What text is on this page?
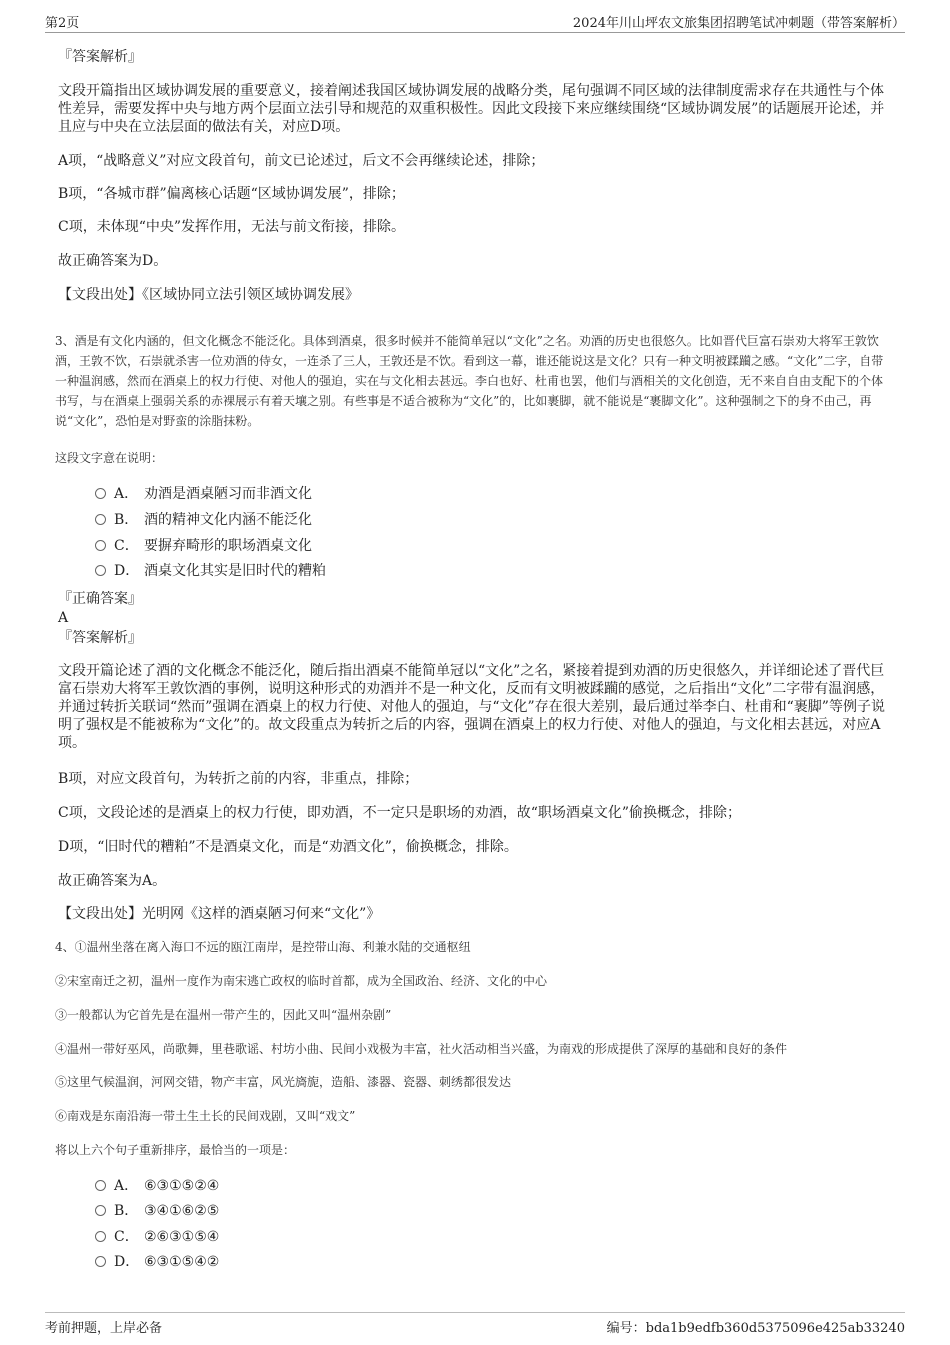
第2页	2024年川山坪农文旅集团招聘笔试冲刺题（带答案解析）

『答案解析』

文段开篇指出区域协调发展的重要意义，接着阐述我国区域协调发展的战略分类，尾句强调不同区域的法律制度需求存在共通性与个体性差异，需要发挥中央与地方两个层面立法引导和规范的双重积极性。因此文段接下来应继续围绕“区域协调发展”的话题展开论述，并且应与中央在立法层面的做法有关，对应D项。

A项，“战略意义”对应文段首句，前文已论述过，后文不会再继续论述，排除；

B项，“各城市群”偏离核心话题“区域协调发展”，排除；

C项，未体现“中央”发挥作用，无法与前文衔接，排除。

故正确答案为D。

【文段出处】《区域协同立法引领区域协调发展》

3、酒是有文化内涵的，但文化概念不能泛化。具体到酒桌，很多时候并不能简单冠以“文化”之名。劝酒的历史也很悠久。比如晋代巨富石崇劝大将军王敦饮酒，王敦不饮，石崇就杀害一位劝酒的侍女，一连杀了三人，王敦还是不饮。看到这一幕，谁还能说这是文化？只有一种文明被蹂躏之感。“文化”二字，自带一种温润感，然而在酒桌上的权力行使、对他人的强迫，实在与文化相去甚远。李白也好、杜甫也罢，他们与酒相关的文化创造，无不来自自由支配下的个体书写，与在酒桌上强弱关系的赤裸展示有着天壤之别。有些事是不适合被称为“文化”的，比如裹脚，就不能说是“裹脚文化”。这种强制之下的身不由己，再说“文化”，恐怕是对野蛮的涂脂抹粉。

这段文字意在说明：

A． 劝酒是酒桌陋习而非酒文化
B． 酒的精神文化内涵不能泛化
C． 要摒弃畸形的职场酒桌文化
D． 酒桌文化其实是旧时代的糟粕

『正确答案』

A

『答案解析』

文段开篇论述了酒的文化概念不能泛化，随后指出酒桌不能简单冠以“文化”之名，紧接着提到劝酒的历史很悠久，并详细论述了晋代巨富石崇劝大将军王敦饮酒的事例，说明这种形式的劝酒并不是一种文化，反而有文明被蹂躏的感觉，之后指出“文化”二字带有温润感，并通过转折关联词“然而”强调在酒桌上的权力行使、对他人的强迫，与“文化”存在很大差别，最后通过举李白、杜甫和“裹脚”等例子说明了强权是不能被称为“文化”的。故文段重点为转折之后的内容，强调在酒桌上的权力行使、对他人的强迫，与文化相去甚远，对应A项。

B项，对应文段首句，为转折之前的内容，非重点，排除；

C项，文段论述的是酒桌上的权力行使，即劝酒，不一定只是职场的劝酒，故“职场酒桌文化”偷换概念，排除；

D项，“旧时代的糟粕”不是酒桌文化，而是“劝酒文化”，偷换概念，排除。

故正确答案为A。

【文段出处】光明网《这样的酒桌陋习何来“文化”》

4、①温州坐落在离入海口不远的瓯江南岸，是控带山海、利兼水陆的交通枢纽

②宋室南迁之初，温州一度作为南宋逃亡政权的临时首都，成为全国政治、经济、文化的中心

③一般都认为它首先是在温州一带产生的，因此又叫“温州杂剧”

④温州一带好巫风，尚歌舞，里巷歌谣、村坊小曲、民间小戏极为丰富，社火活动相当兴盛，为南戏的形成提供了深厚的基础和良好的条件

⑤这里气候温润，河网交错，物产丰富，风光旖旎，造船、漆器、瓷器、刺绣都很发达

⑥南戏是东南沿海一带土生土长的民间戏剧，又叫“戏文”

将以上六个句子重新排序，最恰当的一项是：

A． ⑥③①⑤②④
B． ③④①⑥②⑤
C． ②⑥③①⑤④
D． ⑥③①⑤④②
考前押题，上岸必备	编号：bda1b9edfb360d5375096e425ab33240
